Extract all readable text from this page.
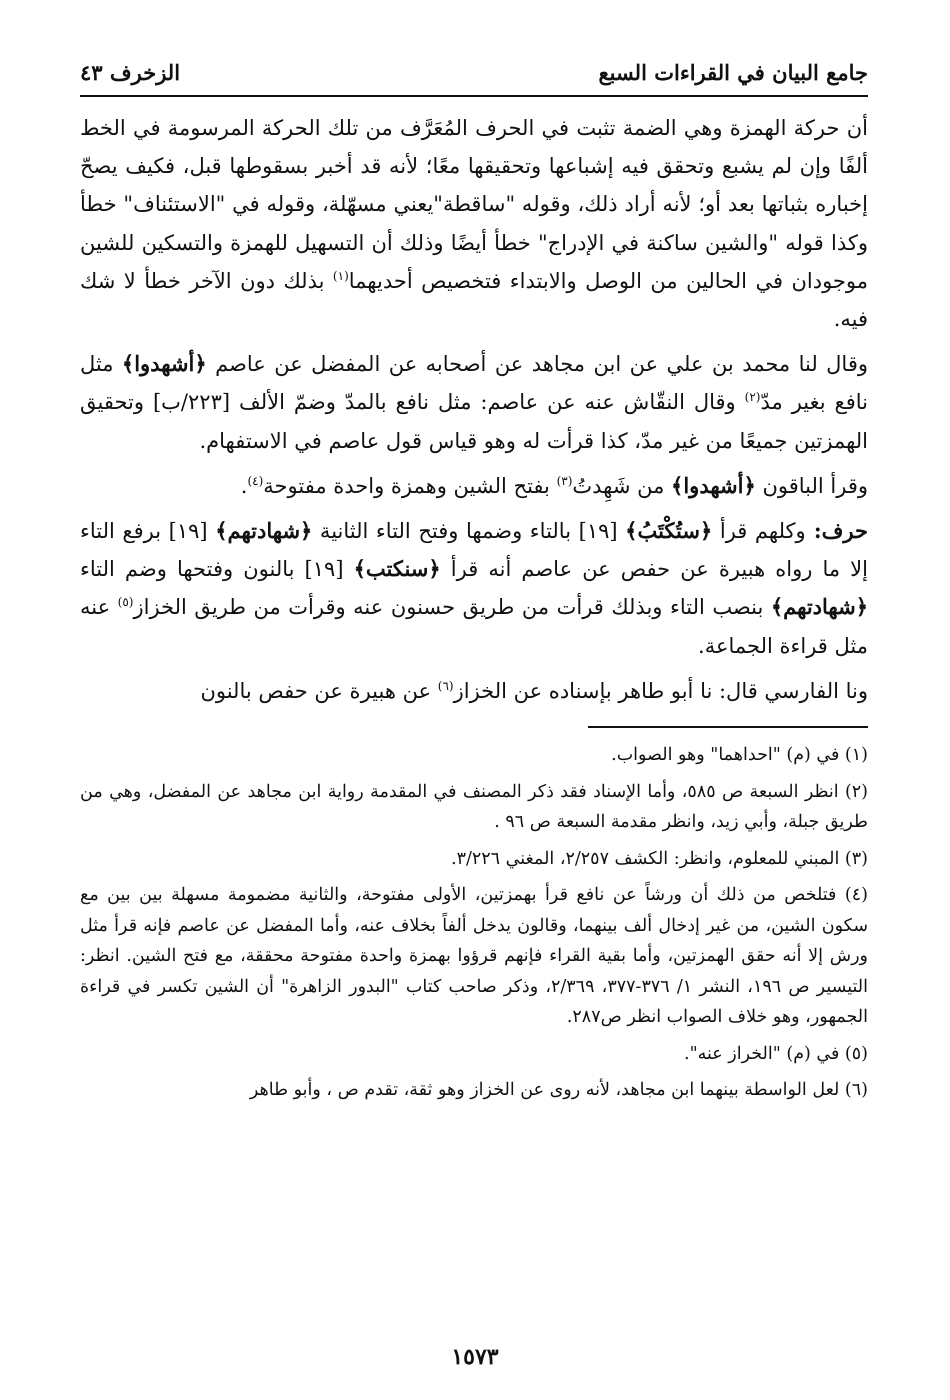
جامع البيان في القراءات السبع
الزخرف ٤٣

أن حركة الهمزة وهي الضمة تثبت في الحرف المُعَرَّف من تلك الحركة المرسومة في الخط ألفًا وإن لم يشبع وتحقق فيه إشباعها وتحقيقها معًا؛ لأنه قد أخبر بسقوطها قبل، فكيف يصحّ إخباره بثباتها بعد أو؛ لأنه أراد ذلك، وقوله "ساقطة"يعني مسهّلة، وقوله في "الاستئناف" خطأ وكذا قوله "والشين ساكنة في الإدراج" خطأ أيضًا وذلك أن التسهيل للهمزة والتسكين للشين موجودان في الحالين من الوصل والابتداء فتخصيص أحديهما$^{(١)}$ بذلك دون الآخر خطأ لا شك فيه.

وقال لنا محمد بن علي عن ابن مجاهد عن أصحابه عن المفضل عن عاصم ﴿أشهدوا﴾ مثل نافع بغير مدّ$^{(٢)}$ وقال النقّاش عنه عن عاصم: مثل نافع بالمدّ وضمّ الألف [٢٢٣/ب] وتحقيق الهمزتين جميعًا من غير مدّ، كذا قرأت له وهو قياس قول عاصم في الاستفهام.

وقرأ الباقون ﴿أشهدوا﴾ من شَهِدتُ$^{(٣)}$ بفتح الشين وهمزة واحدة مفتوحة$^{(٤)}$.

حرف: وكلهم قرأ ﴿ستُكْتَبُ﴾ [١٩] بالتاء وضمها وفتح التاء الثانية ﴿شهادتهم﴾ [١٩] برفع التاء إلا ما رواه هبيرة عن حفص عن عاصم أنه قرأ ﴿سنكتب﴾ [١٩] بالنون وفتحها وضم التاء ﴿شهادتهم﴾ بنصب التاء وبذلك قرأت من طريق حسنون عنه وقرأت من طريق الخزاز$^{(٥)}$ عنه مثل قراءة الجماعة.

ونا الفارسي قال: نا أبو طاهر بإسناده عن الخزاز$^{(٦)}$ عن هبيرة عن حفص بالنون

(١) في (م) "احداهما" وهو الصواب.

(٢) انظر السبعة ص ٥٨٥، وأما الإسناد فقد ذكر المصنف في المقدمة رواية ابن مجاهد عن المفضل، وهي من طريق جبلة، وأبي زيد، وانظر مقدمة السبعة ص ٩٦ .

(٣) المبني للمعلوم، وانظر: الكشف ٢/٢٥٧، المغني ٣/٢٢٦.

(٤) فتلخص من ذلك أن ورشاً عن نافع قرأ بهمزتين، الأولى مفتوحة، والثانية مضمومة مسهلة بين بين مع سكون الشين، من غير إدخال ألف بينهما، وقالون يدخل ألفاً بخلاف عنه، وأما المفضل عن عاصم فإنه قرأ مثل ورش إلا أنه حقق الهمزتين، وأما بقية القراء فإنهم قرؤوا بهمزة واحدة مفتوحة محققة، مع فتح الشين. انظر: التيسير ص ١٩٦، النشر ١/ ٣٧٦-٣٧٧، ٢/٣٦٩، وذكر صاحب كتاب "البدور الزاهرة" أن الشين تكسر في قراءة الجمهور، وهو خلاف الصواب انظر ص٢٨٧.

(٥) في (م) "الخراز عنه".

(٦) لعل الواسطة بينهما ابن مجاهد، لأنه روى عن الخزاز وهو ثقة، تقدم ص ، وأبو طاهر

١٥٧٣
